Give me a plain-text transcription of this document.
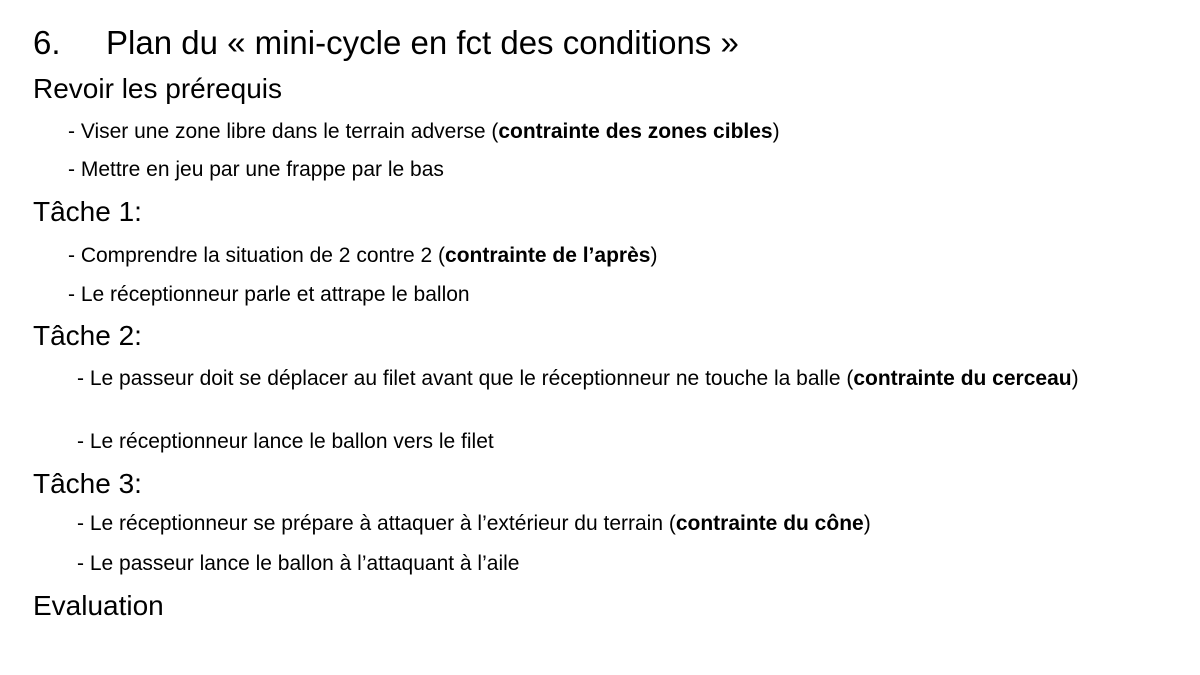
6. Plan du « mini-cycle en fct des conditions »
Revoir les prérequis
- Viser une zone libre dans le terrain adverse (contrainte des zones cibles)
- Mettre en jeu par une frappe par le bas
Tâche 1:
- Comprendre la situation de 2 contre 2 (contrainte de l’après)
- Le réceptionneur parle et attrape le ballon
Tâche 2:
- Le passeur doit se déplacer au filet avant que le réceptionneur ne touche la balle (contrainte du cerceau)
- Le réceptionneur lance le ballon vers le filet
Tâche 3:
- Le réceptionneur se prépare à attaquer à l’extérieur du terrain (contrainte du cône)
- Le passeur lance le ballon à l’attaquant à l’aile
Evaluation
